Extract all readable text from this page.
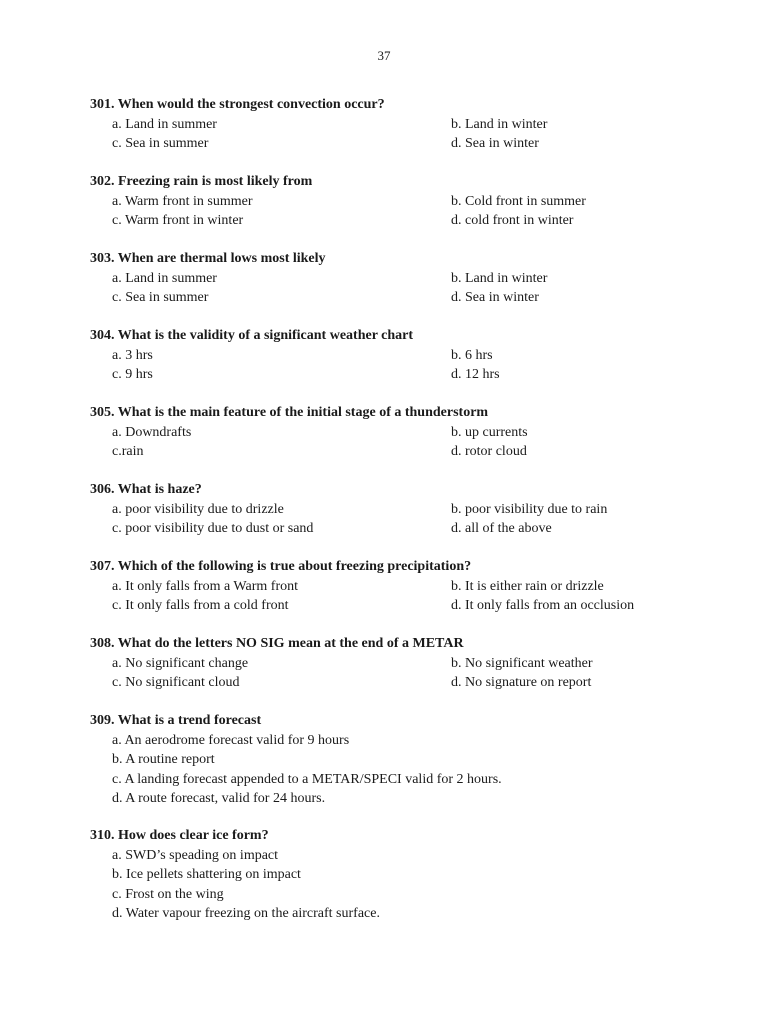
37
301. When would the strongest convection occur?
a. Land in summer	b. Land in winter
c. Sea in summer	d. Sea in winter
302. Freezing rain is most likely from
a. Warm front in summer	b. Cold front in summer
c. Warm front in winter	d. cold front in winter
303. When are thermal lows most likely
a. Land in summer	b. Land in winter
c. Sea in summer	d. Sea in winter
304. What is the validity of a significant weather chart
a. 3 hrs	b. 6 hrs
c. 9 hrs	d. 12 hrs
305. What is the main feature of the initial stage of a thunderstorm
a. Downdrafts	b. up currents
c.rain	d. rotor cloud
306. What is haze?
a. poor visibility due to drizzle	b. poor visibility due to rain
c. poor visibility due to dust or sand	d. all of the above
307. Which of the following is true about freezing precipitation?
a. It only falls from a Warm front	b. It is either rain or drizzle
c. It only falls from a cold front	d. It only falls from an occlusion
308. What do the letters NO SIG mean at the end of a METAR
a. No significant change	b. No significant weather
c. No significant cloud	d. No signature on report
309. What is a trend forecast
a. An aerodrome forecast valid for 9 hours
b. A routine report
c. A landing forecast appended to a METAR/SPECI valid for 2 hours.
d. A route forecast, valid for 24 hours.
310. How does clear ice form?
a. SWD’s speading on impact
b. Ice pellets shattering on impact
c. Frost on the wing
d. Water vapour freezing on the aircraft surface.
